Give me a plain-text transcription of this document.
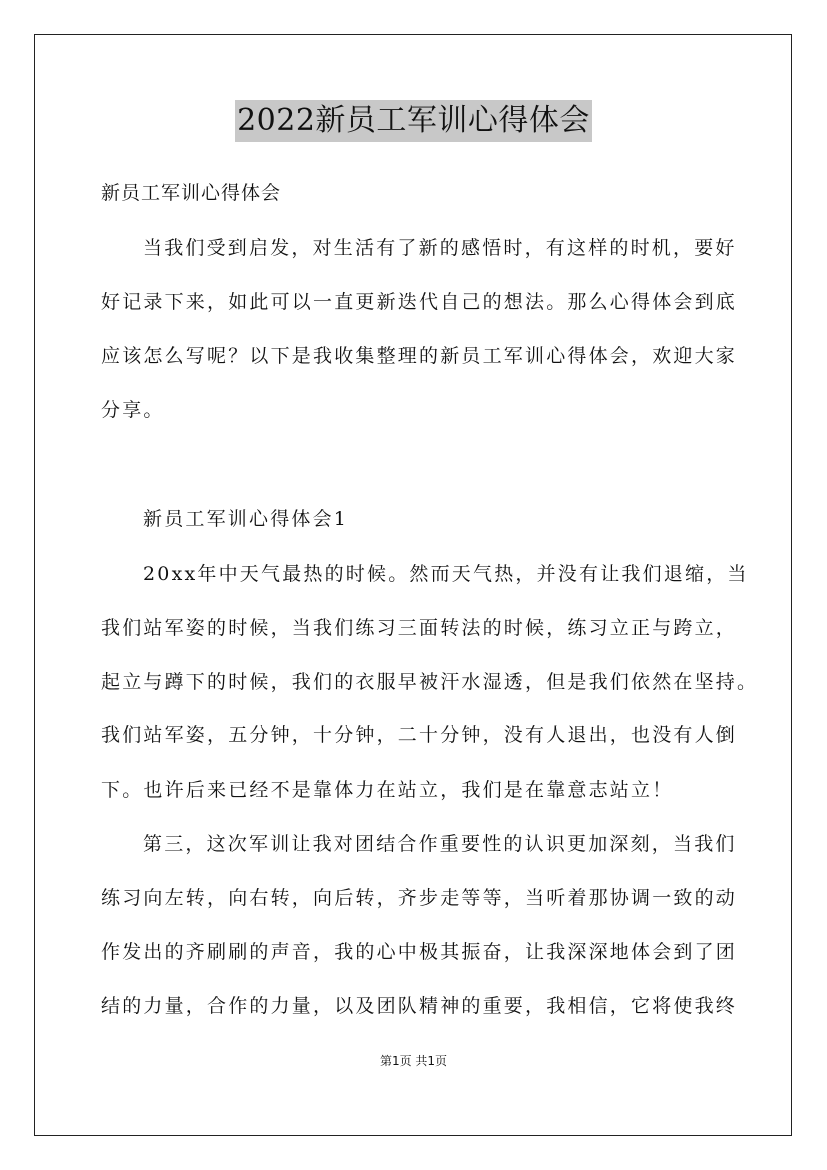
2022新员工军训心得体会
新员工军训心得体会
当我们受到启发，对生活有了新的感悟时，有这样的时机，要好
好记录下来，如此可以一直更新迭代自己的想法。那么心得体会到底
应该怎么写呢？以下是我收集整理的新员工军训心得体会，欢迎大家
分享。
新员工军训心得体会1
20xx年中天气最热的时候。然而天气热，并没有让我们退缩，当
我们站军姿的时候，当我们练习三面转法的时候，练习立正与跨立，
起立与蹲下的时候，我们的衣服早被汗水湿透，但是我们依然在坚持。
我们站军姿，五分钟，十分钟，二十分钟，没有人退出，也没有人倒
下。也许后来已经不是靠体力在站立，我们是在靠意志站立！
第三，这次军训让我对团结合作重要性的认识更加深刻，当我们
练习向左转，向右转，向后转，齐步走等等，当听着那协调一致的动
作发出的齐刷刷的声音，我的心中极其振奋，让我深深地体会到了团
结的力量，合作的力量，以及团队精神的重要，我相信，它将使我终
第1页 共1页
